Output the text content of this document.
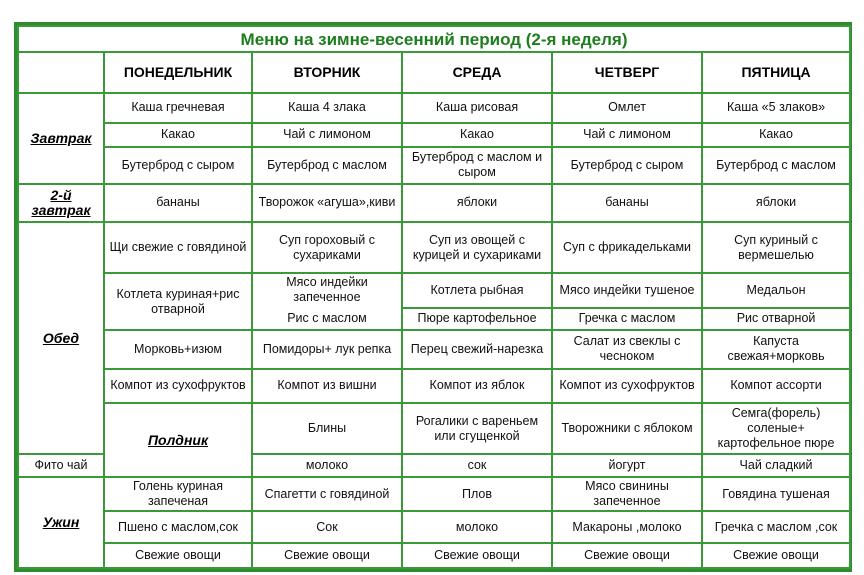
Меню на зимне-весенний период (2-я неделя)						
	ПОНЕДЕЛЬНИК	ВТОРНИК	СРЕДА	ЧЕТВЕРГ	ПЯТНИЦА	
Завтрак	Каша гречневая	Каша 4 злака	Каша рисовая	Омлет	Каша «5 злаков»	
	Какао	Чай с лимоном	Какао	Чай с лимоном	Какао	
	Бутерброд с сыром	Бутерброд с маслом	Бутерброд с маслом и сыром	Бутерброд с сыром	Бутерброд с маслом	
2-й завтрак	бананы	Творожок «агуша»,киви	яблоки	бананы	яблоки	
Обед	Щи свежие с говядиной	Суп гороховый с сухариками	Суп из овощей с курицей и сухариками	Суп с фрикадельками	Суп куриный с вермешелью	
	Котлета куриная+рис отварной	Мясо индейки запеченное	Котлета рыбная	Мясо индейки тушеное	Медальон	
		Рис с маслом	Пюре картофельное	Гречка с маслом	Рис отварной	
	Морковь+изюм	Помидоры+ лук репка	Перец свежий-нарезка	Салат из свеклы с чесноком	Капуста свежая+морковь	
	Компот из сухофруктов	Компот из вишни	Компот из яблок	Компот из сухофруктов	Компот ассорти	
	Полдник	Блины	Рогалики с вареньем или сгущенкой	Творожники с яблоком	Семга(форель) соленые+ картофельное пюре	
Фито чай		молоко	сок	йогурт	Чай сладкий	
Ужин	Голень куриная запеченая	Спагетти с говядиной	Плов	Мясо свинины запеченное	Говядина тушеная	
	Пшено с маслом,сок	Сок	молоко	Макароны ,молоко	Гречка с маслом ,сок	
	Свежие овощи	Свежие овощи	Свежие овощи	Свежие овощи	Свежие овощи	
